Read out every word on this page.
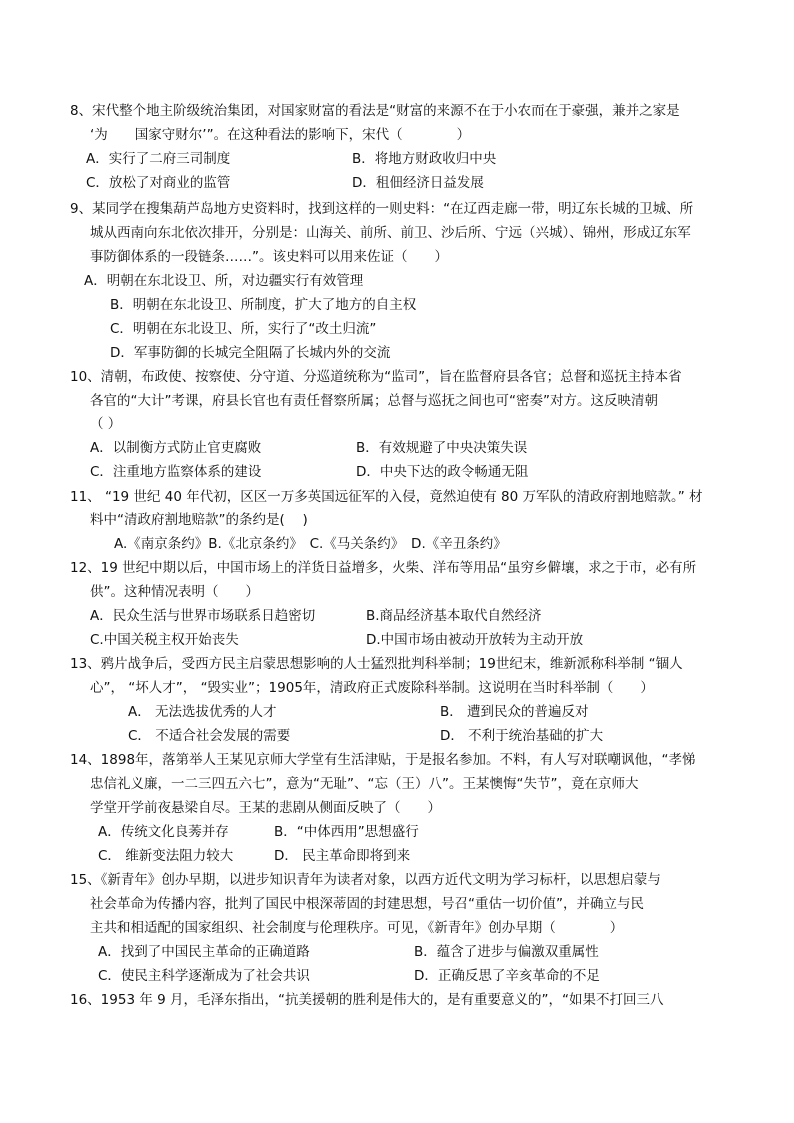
8、宋代整个地主阶级统治集团，对国家财富的看法是“财富的来源不在于小农而在于豪强，兼并之家是

‘为　　国家守财尔’”。在这种看法的影响下，宋代（　　　　）

A．实行了二府三司制度

	B．将地方财政收归中央

C．放松了对商业的监管

	D．租佃经济日益发展

9、某同学在搜集葫芦岛地方史资料时，找到这样的一则史料：“在辽西走廊一带，明辽东长城的卫城、所

城从西南向东北依次排开，分别是：山海关、前所、前卫、沙后所、宁远（兴城）、锦州，形成辽东军

事防御体系的一段链条……”。该史料可以用来佐证（　　）

A．明朝在东北设卫、所，对边疆实行有效管理

B．明朝在东北设卫、所制度，扩大了地方的自主权

C．明朝在东北设卫、所，实行了“改土归流”

D．军事防御的长城完全阻隔了长城内外的交流

10、清朝，布政使、按察使、分守道、分巡道统称为“监司”，旨在监督府县各官；总督和巡抚主持本省

各官的“大计”考课，府县长官也有责任督察所属；总督与巡抚之间也可“密奏”对方。这反映清朝

（ ）

A．以制衡方式防止官吏腐败

	B．有效规避了中央决策失误

C．注重地方监察体系的建设

	D．中央下达的政令畅通无阻

11、 “19 世纪 40 年代初，区区一万多英国远征军的入侵，竟然迫使有 80 万军队的清政府割地赔款。” 材

料中“清政府割地赔款”的条约是(　 )

A.《南京条约》B.《北京条约》　C.《马关条约》　D.《辛丑条约》

12、19 世纪中期以后，中国市场上的洋货日益增多，火柴、洋布等用品“虽穷乡僻壤，求之于市，必有所

供”。这种情况表明（　　）

A．民众生活与世界市场联系日趋密切

	B.商品经济基本取代自然经济

C.中国关税主权开始丧失

	D.中国市场由被动开放转为主动开放

13、鸦片战争后，受西方民主启蒙思想影响的人士猛烈批判科举制；19世纪末，维新派称科举制 “锢人

心”， “坏人才”， “毁实业”；1905年，清政府正式废除科举制。这说明在当时科举制（　　）

A． 无法选拔优秀的人才

	B． 遭到民众的普遍反对

C． 不适合社会发展的需要

	D． 不利于统治基础的扩大

14、1898年，落第举人王某见京师大学堂有生活津贴，于是报名参加。不料，有人写对联嘲讽他，“孝悌

忠信礼义廉，一二三四五六七”，意为“无耻”、“忘（王）八”。王某懊悔“失节”，竟在京师大

学堂开学前夜悬梁自尽。王某的悲剧从侧面反映了（　　）

A．传统文化良莠并存

	B．“中体西用”思想盛行

C． 维新变法阻力较大

	D． 民主革命即将到来

15、《新青年》创办早期，以进步知识青年为读者对象，以西方近代文明为学习标杆，以思想启蒙与

社会革命为传播内容，批判了国民中根深蒂固的封建思想，号召“重估一切价值”，并确立与民

主共和相适配的国家组织、社会制度与伦理秩序。可见，《新青年》创办早期（　　　　）

A．找到了中国民主革命的正确道路

	B．蕴含了进步与偏激双重属性

C．使民主科学逐渐成为了社会共识

	D．正确反思了辛亥革命的不足

16、1953 年 9 月，毛泽东指出，“抗美援朝的胜利是伟大的，是有重要意义的”，“如果不打回三八
